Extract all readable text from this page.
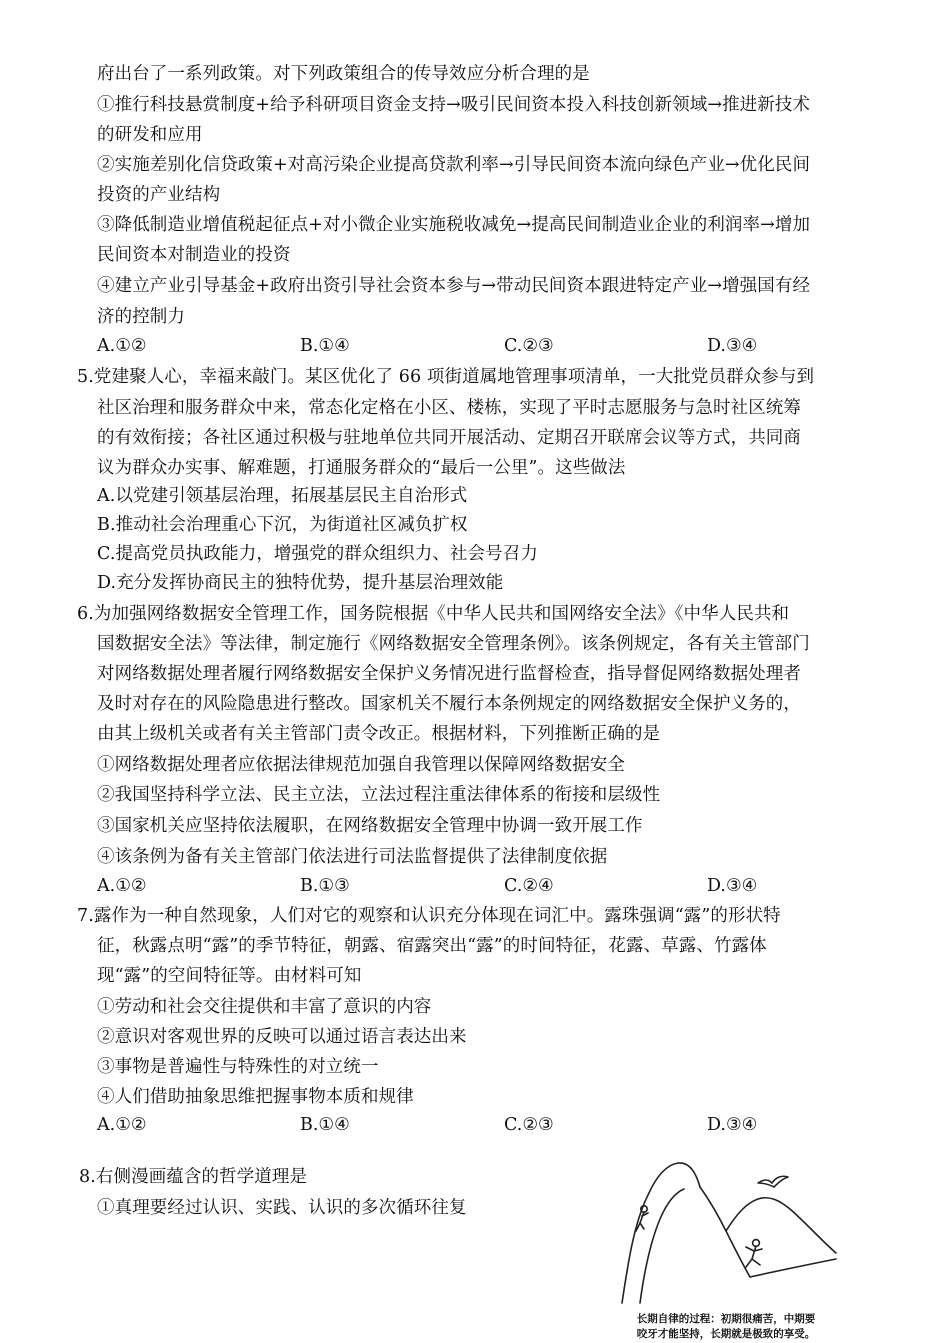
府出台了一系列政策。对下列政策组合的传导效应分析合理的是
①推行科技悬赏制度+给予科研项目资金支持→吸引民间资本投入科技创新领域→推进新技术
的研发和应用
②实施差别化信贷政策+对高污染企业提高贷款利率→引导民间资本流向绿色产业→优化民间
投资的产业结构
③降低制造业增值税起征点+对小微企业实施税收减免→提高民间制造业企业的利润率→增加
民间资本对制造业的投资
④建立产业引导基金+政府出资引导社会资本参与→带动民间资本跟进特定产业→增强国有经
济的控制力
A.①②	B.①④	C.②③	D.③④
5.党建聚人心，幸福来敲门。某区优化了 66 项街道属地管理事项清单，一大批党员群众参与到
社区治理和服务群众中来，常态化定格在小区、楼栋，实现了平时志愿服务与急时社区统筹
的有效衔接；各社区通过积极与驻地单位共同开展活动、定期召开联席会议等方式，共同商
议为群众办实事、解难题，打通服务群众的“最后一公里”。这些做法
A.以党建引领基层治理，拓展基层民主自治形式
B.推动社会治理重心下沉，为街道社区减负扩权
C.提高党员执政能力，增强党的群众组织力、社会号召力
D.充分发挥协商民主的独特优势，提升基层治理效能
6.为加强网络数据安全管理工作，国务院根据《中华人民共和国网络安全法》《中华人民共和
国数据安全法》等法律，制定施行《网络数据安全管理条例》。该条例规定，各有关主管部门
对网络数据处理者履行网络数据安全保护义务情况进行监督检查，指导督促网络数据处理者
及时对存在的风险隐患进行整改。国家机关不履行本条例规定的网络数据安全保护义务的，
由其上级机关或者有关主管部门责令改正。根据材料，下列推断正确的是
①网络数据处理者应依据法律规范加强自我管理以保障网络数据安全
②我国坚持科学立法、民主立法，立法过程注重法律体系的衔接和层级性
③国家机关应坚持依法履职，在网络数据安全管理中协调一致开展工作
④该条例为备有关主管部门依法进行司法监督提供了法律制度依据
A.①②	B.①③	C.②④	D.③④
7.露作为一种自然现象，人们对它的观察和认识充分体现在词汇中。露珠强调“露”的形状特
征，秋露点明“露”的季节特征，朝露、宿露突出“露”的时间特征，花露、草露、竹露体
现“露”的空间特征等。由材料可知
①劳动和社会交往提供和丰富了意识的内容
②意识对客观世界的反映可以通过语言表达出来
③事物是普遍性与特殊性的对立统一
④人们借助抽象思维把握事物本质和规律
A.①②	B.①④	C.②③	D.③④
8.右侧漫画蕴含的哲学道理是
①真理要经过认识、实践、认识的多次循环往复
长期自律的过程：初期很痛苦，中期要
咬牙才能坚持，长期就是极致的享受。
